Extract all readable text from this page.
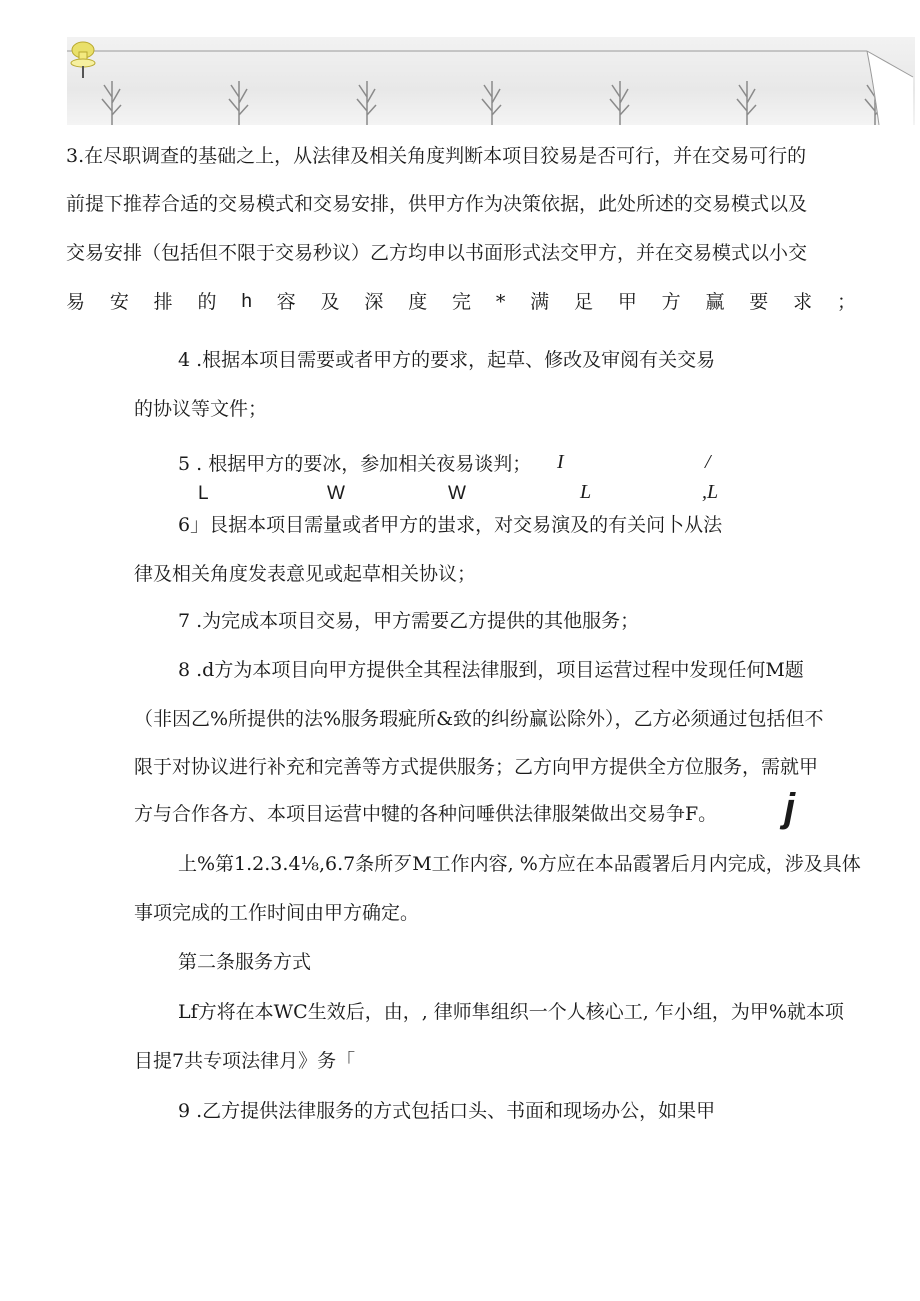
3.在尽职调查的基础之上，从法律及相关角度判断本项目狡易是否可行，并在交易可行的
前提下推荐合适的交易模式和交易安排，供甲方作为决策依据，此处所述的交易模式以及
交易安排（包括但不限于交易秒议）乙方均申以书面形式法交甲方，并在交易模式以小交
易 安 排 的 h 容 及 深 度 完 * 满 足 甲 方 赢 要 求 ；
4 .根据本项目需要或者甲方的要求，起草、修改及审阅有关交易
的协议等文件；
5 . 根据甲方的要冰，参加相关夜易谈判； I	/
L	W	W	L	,L
6」艮据本项目需量或者甲方的蚩求，对交易演及的有关问卜从法
律及相关角度发表意见或起草相关协议；
7 .为完成本项目交易，甲方需要乙方提供的其他服务；
8 .d方为本项目向甲方提供全其程法律服到，项目运营过程中发现任何M题
（非因乙%所提供的法%服务瑕疵所&致的纠纷赢讼除外），乙方必须通过包括但不
限于对协议进行补充和完善等方式提供服务；乙方向甲方提供全方位服务，需就甲
方与合作各方、本项目运营中犍的各种问唾供法律服桀做出交易争F。 j
上%第1.2.3.4⅛,6.7条所歹M工作内容, %方应在本品霞署后月内完成，涉及具体
事项完成的工作时间由甲方确定。
第二条服务方式
Lf方将在本WC生效后，由，, 律师隼组织一个人核心工, 乍小组，为甲%就本项
目提7共专项法律月》务「
9 .乙方提供法律服务的方式包括口头、书面和现场办公，如果甲
